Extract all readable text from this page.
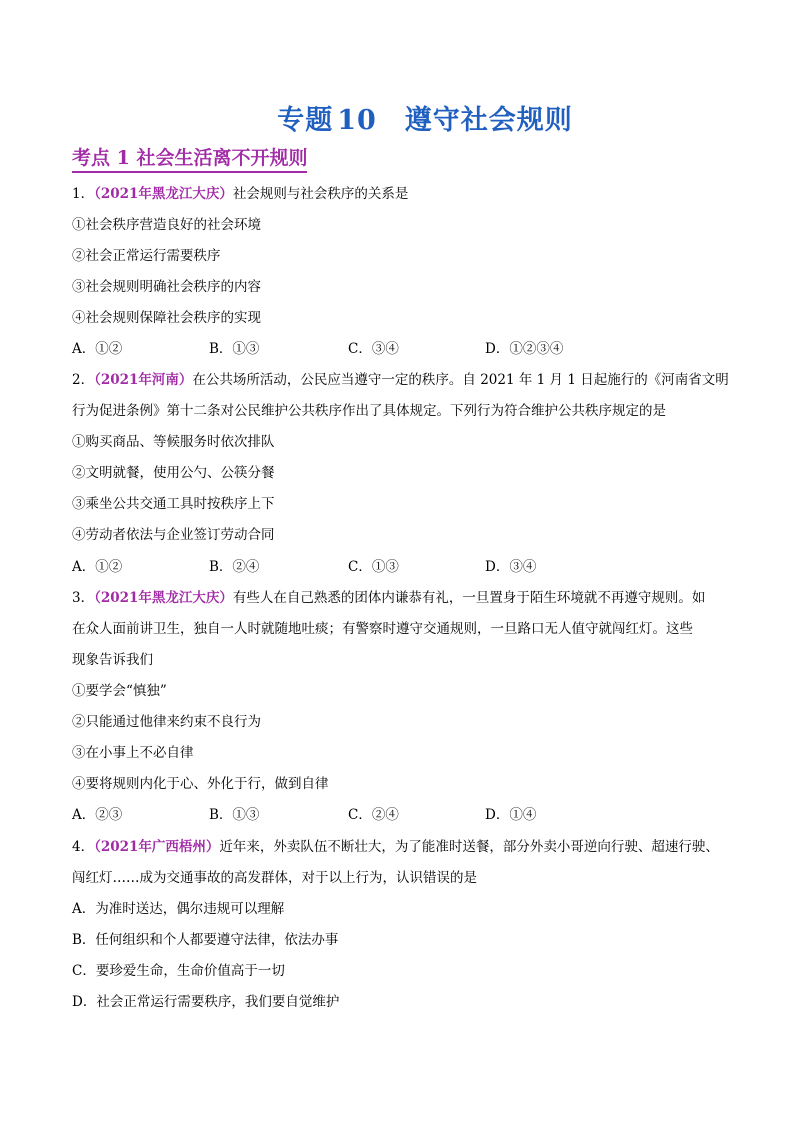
专题 10 遵守社会规则
考点 1 社会生活离不开规则
1．（2021年黑龙江大庆）社会规则与社会秩序的关系是
①社会秩序营造良好的社会环境
②社会正常运行需要秩序
③社会规则明确社会秩序的内容
④社会规则保障社会秩序的实现
A．①②	B．①③	C．③④	D．①②③④
2．（2021年河南）在公共场所活动，公民应当遵守一定的秩序。自 2021 年 1 月 1 日起施行的《河南省文明
行为促进条例》第十二条对公民维护公共秩序作出了具体规定。下列行为符合维护公共秩序规定的是
①购买商品、等候服务时依次排队
②文明就餐，使用公勺、公筷分餐
③乘坐公共交通工具时按秩序上下
④劳动者依法与企业签订劳动合同
A．①②	B．②④	C．①③	D．③④
3．（2021年黑龙江大庆）有些人在自己熟悉的团体内谦恭有礼，一旦置身于陌生环境就不再遵守规则。如
在众人面前讲卫生，独自一人时就随地吐痰；有警察时遵守交通规则，一旦路口无人值守就闯红灯。这些
现象告诉我们
①要学会“慎独”
②只能通过他律来约束不良行为
③在小事上不必自律
④要将规则内化于心、外化于行，做到自律
A．②③	B．①③	C．②④	D．①④
4．（2021年广西梧州）近年来，外卖队伍不断壮大，为了能准时送餐，部分外卖小哥逆向行驶、超速行驶、
闯红灯……成为交通事故的高发群体，对于以上行为，认识错误的是
A．为准时送达，偶尔违规可以理解
B．任何组织和个人都要遵守法律，依法办事
C．要珍爱生命，生命价值高于一切
D．社会正常运行需要秩序，我们要自觉维护
